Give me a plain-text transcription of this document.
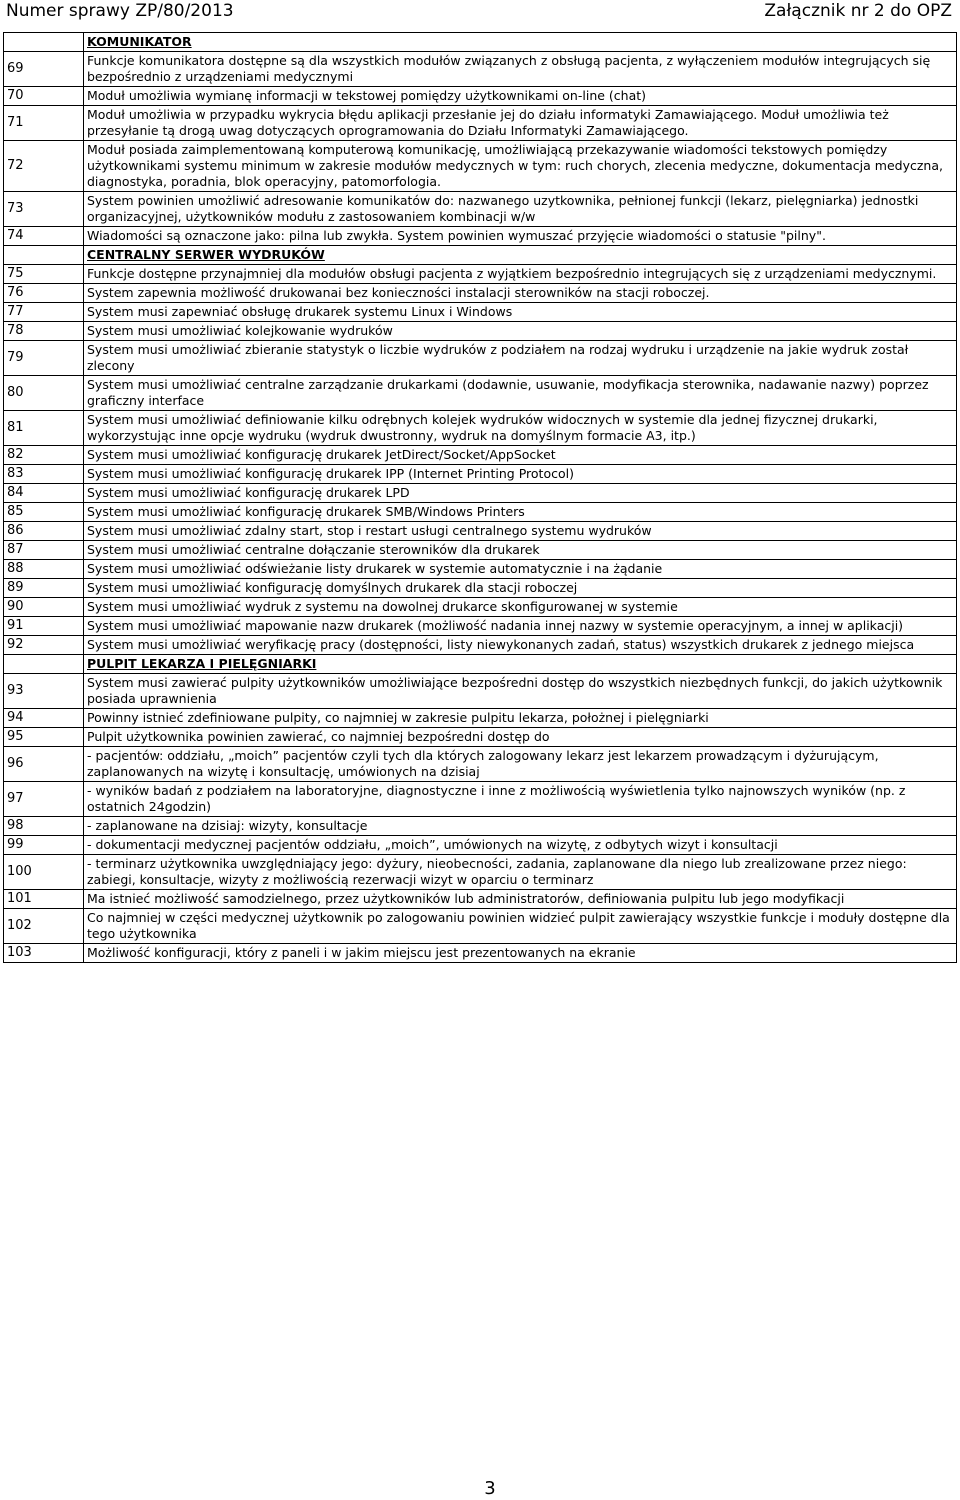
Numer sprawy ZP/80/2013	Załącznik nr 2 do OPZ
	KOMUNIKATOR
69	Funkcje komunikatora dostępne są dla wszystkich modułów związanych z obsługą pacjenta, z wyłączeniem modułów integrujących się bezpośrednio z urządzeniami medycznymi
70	Moduł umożliwia wymianę informacji w tekstowej pomiędzy użytkownikami on-line (chat)
71	Moduł umożliwia w przypadku wykrycia błędu aplikacji przesłanie jej do działu informatyki Zamawiającego. Moduł umożliwia też przesyłanie tą drogą uwag dotyczących oprogramowania do Działu Informatyki Zamawiającego.
72	Moduł posiada zaimplementowaną komputerową komunikację, umożliwiającą przekazywanie wiadomości tekstowych pomiędzy użytkownikami systemu minimum w zakresie modułów medycznych w tym: ruch chorych, zlecenia medyczne, dokumentacja medyczna, diagnostyka, poradnia, blok operacyjny, patomorfologia.
73	System powinien umożliwić adresowanie komunikatów do: nazwanego uzytkownika, pełnionej funkcji (lekarz, pielęgniarka) jednostki organizacyjnej, użytkowników modułu z zastosowaniem kombinacji w/w
74	Wiadomości są oznaczone jako: pilna lub zwykła. System powinien wymuszać przyjęcie wiadomości o statusie "pilny".
	CENTRALNY SERWER WYDRUKÓW
75	Funkcje dostępne przynajmniej dla modułów obsługi pacjenta z wyjątkiem bezpośrednio integrujących się z urządzeniami medycznymi.
76	System zapewnia możliwość drukowanai bez konieczności instalacji sterowników na stacji roboczej.
77	System musi zapewniać obsługę drukarek systemu Linux i Windows
78	System musi umożliwiać kolejkowanie wydruków
79	System musi umożliwiać zbieranie statystyk o liczbie wydruków z podziałem na rodzaj wydruku i urządzenie na jakie wydruk został zlecony
80	System musi umożliwiać centralne zarządzanie drukarkami (dodawnie, usuwanie, modyfikacja sterownika, nadawanie nazwy) poprzez graficzny interface
81	System musi umożliwiać definiowanie kilku odrębnych kolejek wydruków widocznych w systemie dla jednej fizycznej drukarki, wykorzystując inne opcje wydruku (wydruk dwustronny, wydruk na domyślnym formacie A3, itp.)
82	System musi umożliwiać konfigurację drukarek JetDirect/Socket/AppSocket
83	System musi umożliwiać konfigurację drukarek IPP (Internet Printing Protocol)
84	System musi umożliwiać konfigurację drukarek LPD
85	System musi umożliwiać konfigurację drukarek SMB/Windows Printers
86	System musi umożliwiać zdalny start, stop i restart usługi centralnego systemu wydruków
87	System musi umożliwiać centralne dołączanie sterowników dla drukarek
88	System musi umożliwiać odświeżanie listy drukarek w systemie automatycznie i na żądanie
89	System musi umożliwiać konfigurację domyślnych drukarek dla stacji roboczej
90	System musi umożliwiać wydruk z systemu na dowolnej drukarce skonfigurowanej w systemie
91	System musi umożliwiać mapowanie nazw drukarek (możliwość nadania innej nazwy w systemie operacyjnym, a innej w aplikacji)
92	System musi umożliwiać weryfikację pracy (dostępności, listy niewykonanych zadań, status) wszystkich drukarek z jednego miejsca
	PULPIT LEKARZA I PIELĘGNIARKI
93	System musi zawierać pulpity użytkowników umożliwiające bezpośredni dostęp do wszystkich niezbędnych funkcji, do jakich użytkownik posiada uprawnienia
94	Powinny istnieć zdefiniowane pulpity, co najmniej w zakresie pulpitu lekarza, położnej i pielęgniarki
95	Pulpit użytkownika powinien zawierać, co najmniej bezpośredni dostęp do
96	- pacjentów: oddziału, „moich” pacjentów czyli tych dla których zalogowany lekarz jest lekarzem prowadzącym i dyżurującym, zaplanowanych na wizytę i konsultację, umówionych na dzisiaj
97	- wyników badań z podziałem na laboratoryjne, diagnostyczne i inne z możliwością wyświetlenia tylko najnowszych wyników (np. z ostatnich 24godzin)
98	- zaplanowane na dzisiaj: wizyty, konsultacje
99	- dokumentacji medycznej pacjentów oddziału, „moich”, umówionych na wizytę, z odbytych wizyt i konsultacji
100	- terminarz użytkownika uwzględniający jego: dyżury, nieobecności, zadania, zaplanowane dla niego lub zrealizowane przez niego: zabiegi, konsultacje, wizyty z możliwością rezerwacji wizyt w oparciu o terminarz
101	Ma istnieć możliwość samodzielnego, przez użytkowników lub administratorów, definiowania pulpitu lub jego modyfikacji
102	Co najmniej w części medycznej użytkownik po zalogowaniu powinien widzieć pulpit zawierający wszystkie funkcje i moduły dostępne dla tego użytkownika
103	Możliwość konfiguracji, który z paneli i w jakim miejscu jest prezentowanych na ekranie
3
